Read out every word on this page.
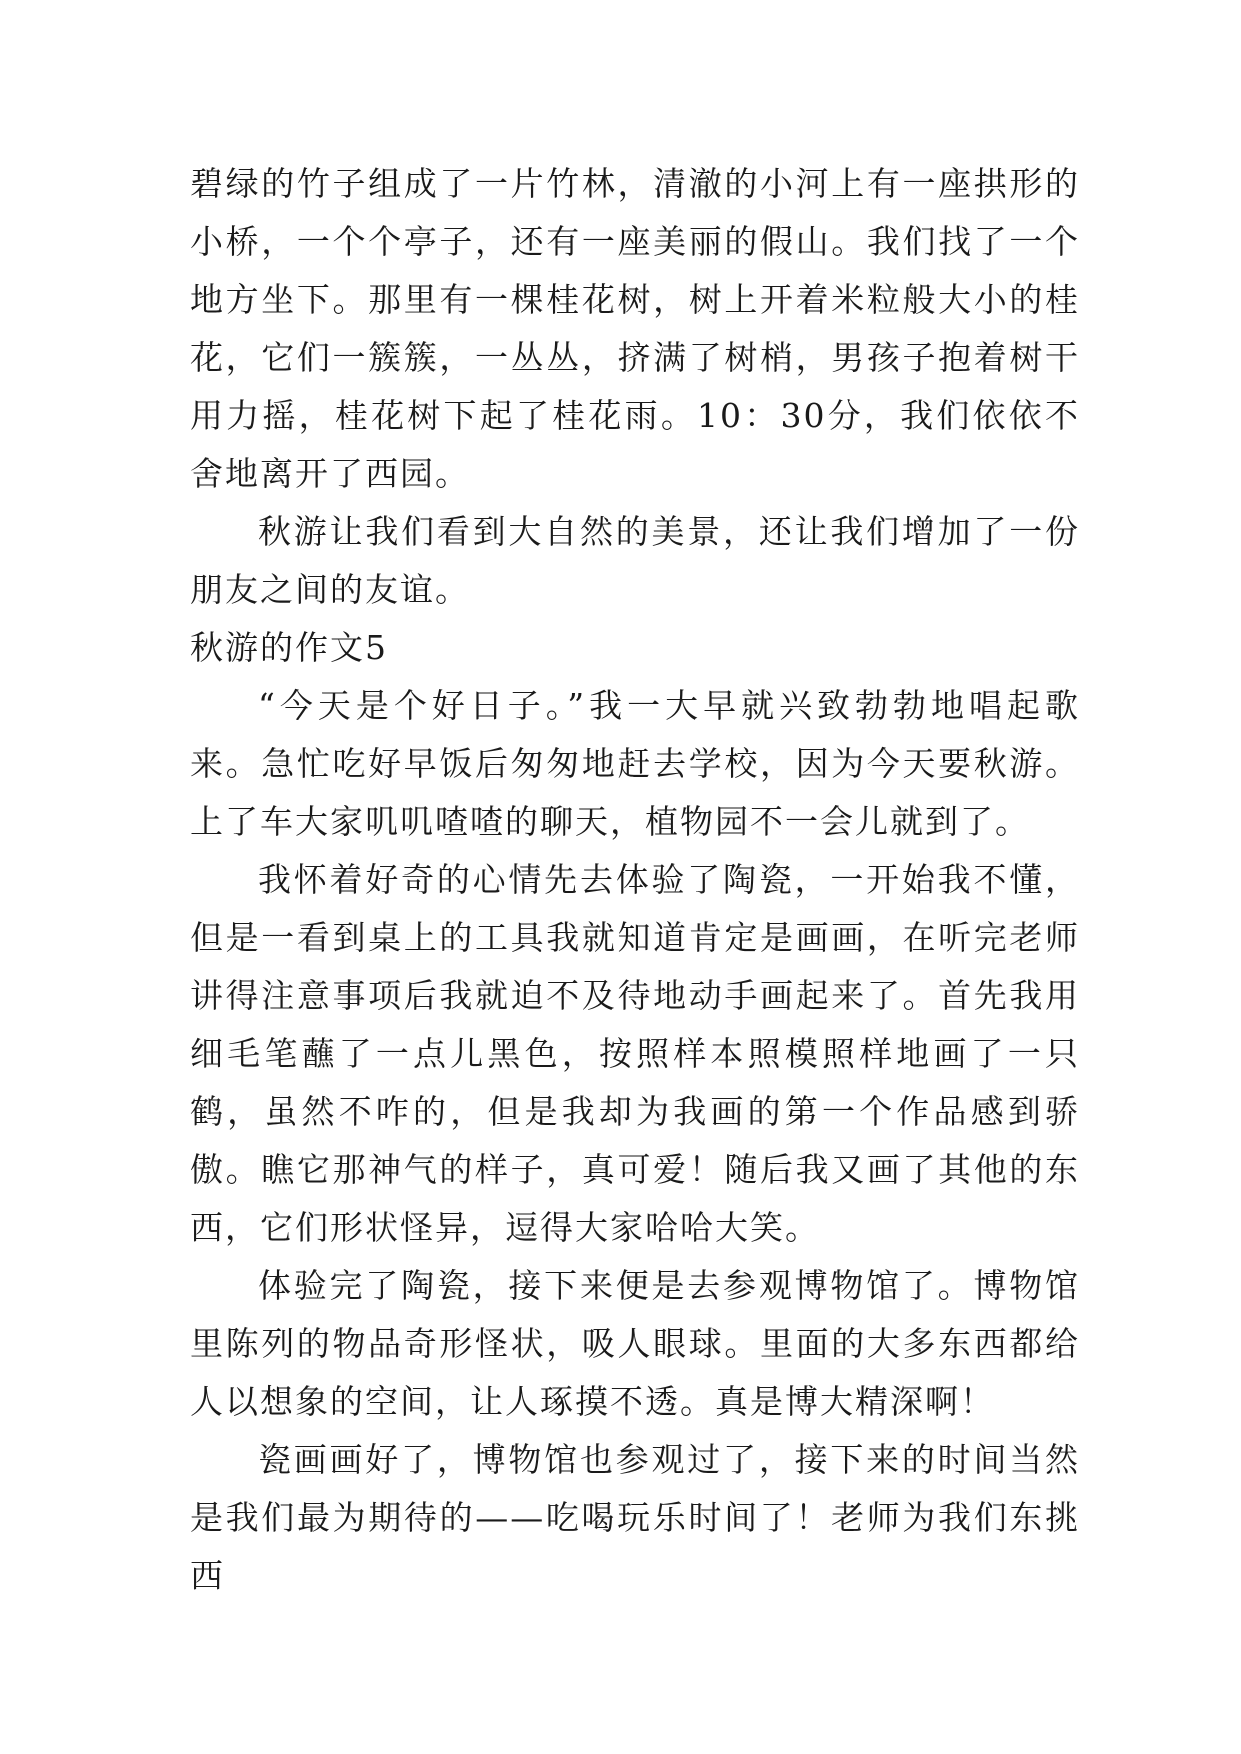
碧绿的竹子组成了一片竹林，清澈的小河上有一座拱形的小桥，一个个亭子，还有一座美丽的假山。我们找了一个地方坐下。那里有一棵桂花树，树上开着米粒般大小的桂花，它们一簇簇，一丛丛，挤满了树梢，男孩子抱着树干用力摇，桂花树下起了桂花雨。10：30分，我们依依不舍地离开了西园。

秋游让我们看到大自然的美景，还让我们增加了一份朋友之间的友谊。

秋游的作文5

“今天是个好日子。”我一大早就兴致勃勃地唱起歌来。急忙吃好早饭后匆匆地赶去学校，因为今天要秋游。上了车大家叽叽喳喳的聊天，植物园不一会儿就到了。

我怀着好奇的心情先去体验了陶瓷，一开始我不懂，但是一看到桌上的工具我就知道肯定是画画，在听完老师讲得注意事项后我就迫不及待地动手画起来了。首先我用细毛笔蘸了一点儿黑色，按照样本照模照样地画了一只鹤，虽然不咋的，但是我却为我画的第一个作品感到骄傲。瞧它那神气的样子，真可爱！随后我又画了其他的东西，它们形状怪异，逗得大家哈哈大笑。

体验完了陶瓷，接下来便是去参观博物馆了。博物馆里陈列的物品奇形怪状，吸人眼球。里面的大多东西都给人以想象的空间，让人琢摸不透。真是博大精深啊！

瓷画画好了，博物馆也参观过了，接下来的时间当然是我们最为期待的——吃喝玩乐时间了！老师为我们东挑西
